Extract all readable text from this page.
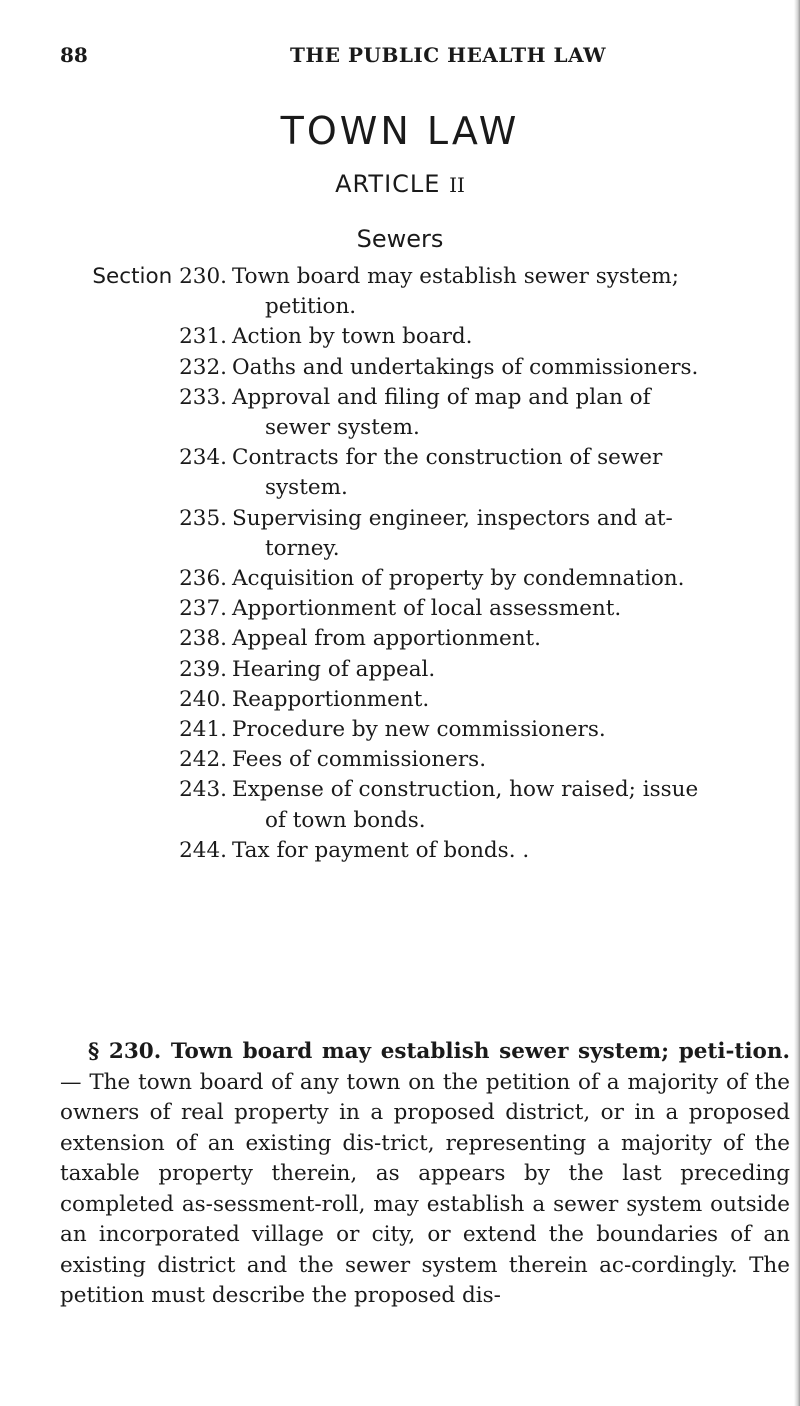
88	THE PUBLIC HEALTH LAW
TOWN LAW
ARTICLE II
Sewers
Section 230. Town board may establish sewer system;
petition.
231. Action by town board.
232. Oaths and undertakings of commissioners.
233. Approval and filing of map and plan of
sewer system.
234. Contracts for the construction of sewer
system.
235. Supervising engineer, inspectors and at-
torney.
236. Acquisition of property by condemnation.
237. Apportionment of local assessment.
238. Appeal from apportionment.
239. Hearing of appeal.
240. Reapportionment.
241. Procedure by new commissioners.
242. Fees of commissioners.
243. Expense of construction, how raised; issue
of town bonds.
244. Tax for payment of bonds. .
§ 230. Town board may establish sewer system; peti-tion.— The town board of any town on the petition of a majority of the owners of real property in a proposed district, or in a proposed extension of an existing dis-trict, representing a majority of the taxable property therein, as appears by the last preceding completed as-sessment-roll, may establish a sewer system outside an incorporated village or city, or extend the boundaries of an existing district and the sewer system therein ac-cordingly. The petition must describe the proposed dis-
